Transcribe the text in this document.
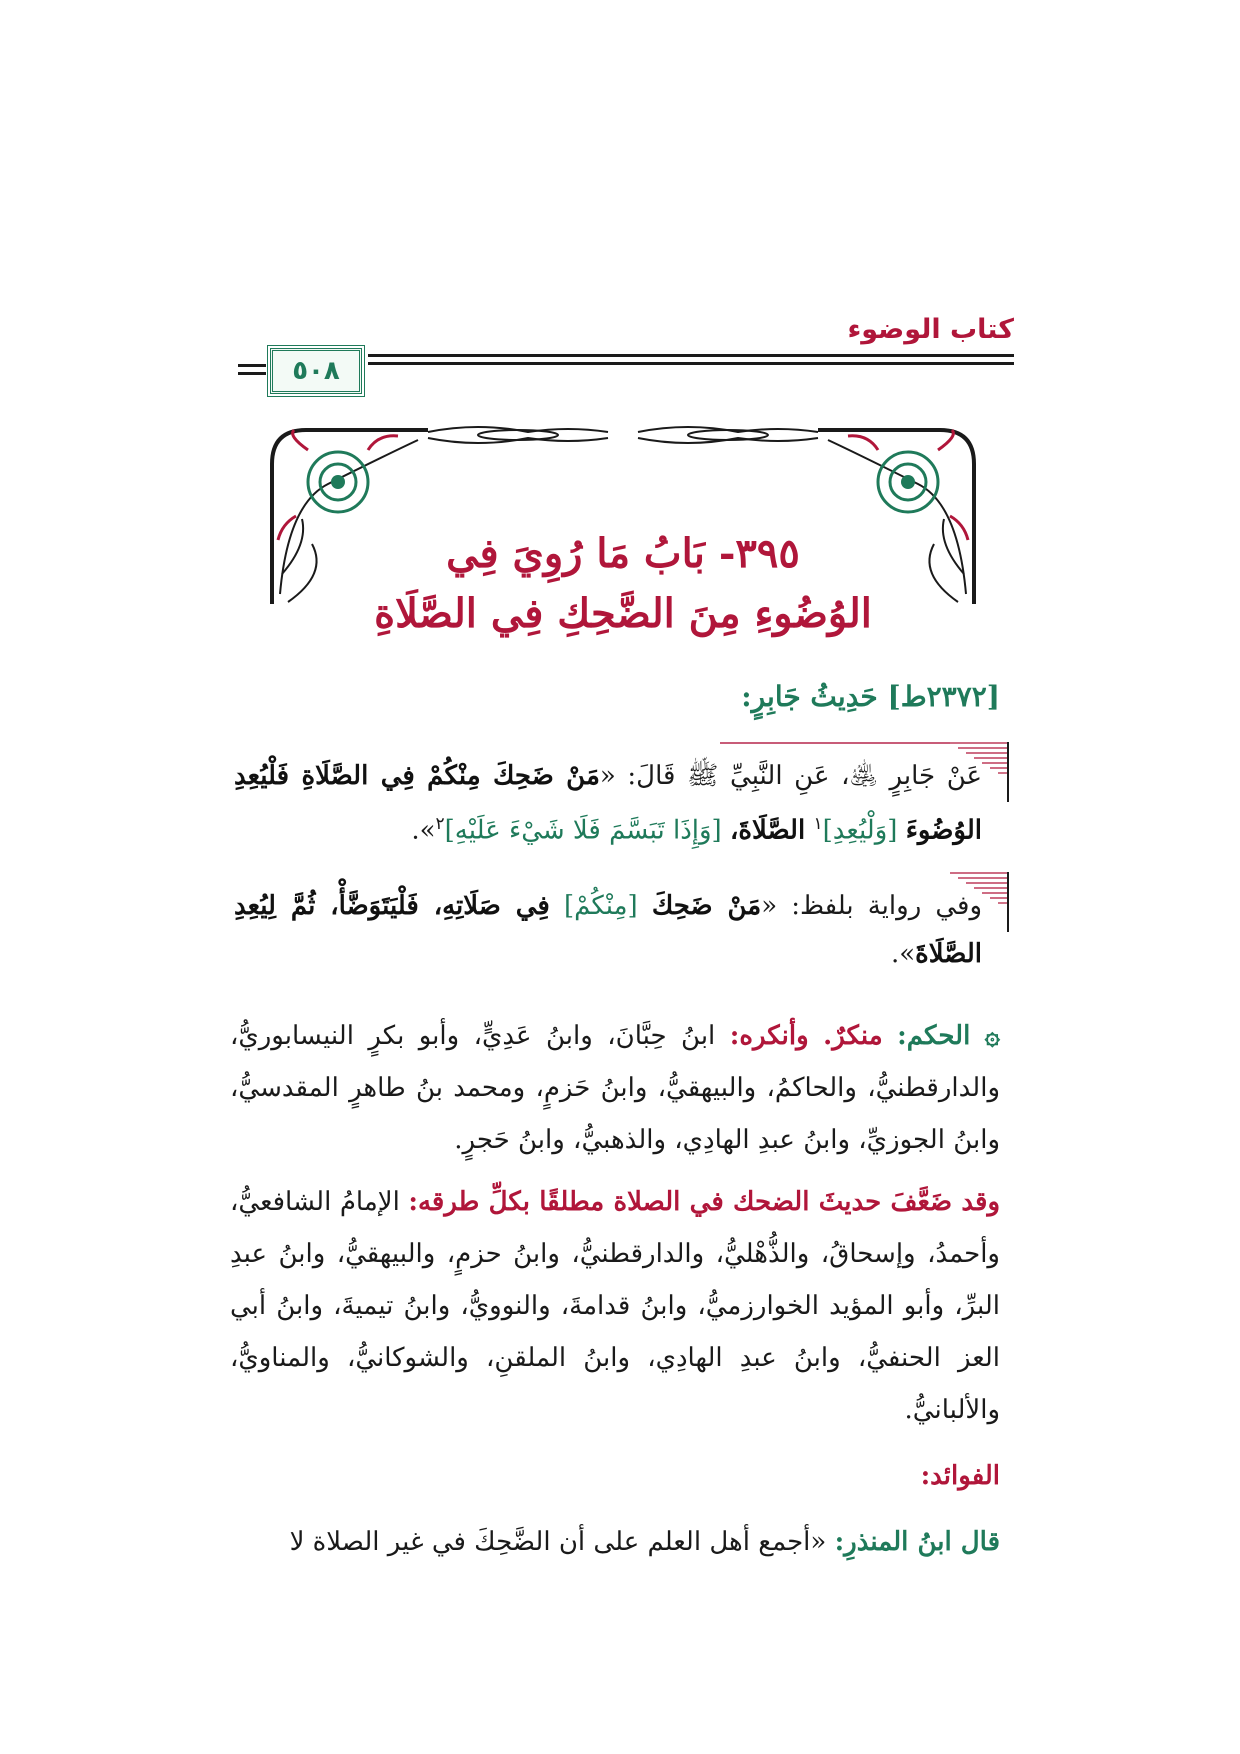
كتاب الوضوء
٥٠٨
٣٩٥- بَابُ مَا رُوِيَ فِي
الوُضُوءِ مِنَ الضَّحِكِ فِي الصَّلَاةِ
[٢٣٧٢ط] حَدِيثُ جَابِرٍ:

عَنْ جَابِرٍ ﵁، عَنِ النَّبِيِّ ﷺ قَالَ: «مَنْ ضَحِكَ مِنْكُمْ فِي الصَّلَاةِ فَلْيُعِدِ الوُضُوءَ [وَلْيُعِدِ]$^١$ الصَّلَاةَ، [وَإِذَا تَبَسَّمَ فَلَا شَيْءَ عَلَيْهِ]$^٢$».

وفي رواية بلفظ: «مَنْ ضَحِكَ [مِنْكُمْ] فِي صَلَاتِهِ، فَلْيَتَوَضَّأْ، ثُمَّ لِيُعِدِ الصَّلَاةَ».

۞ الحكم: منكرٌ. وأنكره: ابنُ حِبَّانَ، وابنُ عَدِيٍّ، وأبو بكرٍ النيسابوريُّ، والدارقطنيُّ، والحاكمُ، والبيهقيُّ، وابنُ حَزمٍ، ومحمد بنُ طاهرٍ المقدسيُّ، وابنُ الجوزيِّ، وابنُ عبدِ الهادِي، والذهبيُّ، وابنُ حَجرٍ.

وقد ضَعَّفَ حديثَ الضحك في الصلاة مطلقًا بكلِّ طرقه: الإمامُ الشافعيُّ، وأحمدُ، وإسحاقُ، والذُّهْليُّ، والدارقطنيُّ، وابنُ حزمٍ، والبيهقيُّ، وابنُ عبدِ البرِّ، وأبو المؤيد الخوارزميُّ، وابنُ قدامةَ، والنوويُّ، وابنُ تيميةَ، وابنُ أبي العز الحنفيُّ، وابنُ عبدِ الهادِي، وابنُ الملقنِ، والشوكانيُّ، والمناويُّ، والألبانيُّ.

الفوائد:

قال ابنُ المنذرِ: «أجمع أهل العلم على أن الضَّحِكَ في غير الصلاة لا
